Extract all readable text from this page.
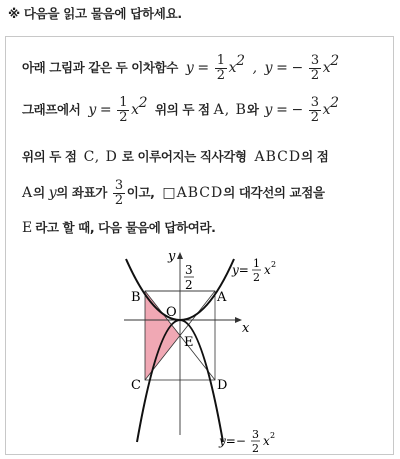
※ 다음을 읽고 물음에 답하세요.
아래 그림과 같은 두 이차함수 $y = \frac{1}{2} x^2$ , y = − $\frac{3}{2} x^2$
그래프에서 $y = \frac{1}{2} x^2$ 위의 두 점 A, B와 y = − $\frac{3}{2} x^2$
위의 두 점 C, D 로 이루어지는 직사각형 ABCD의 점
A의 y의 좌표가 $\frac{3}{2}$ 이고, □ABCD의 대각선의 교점을
E 라고 할 때, 다음 물음에 답하여라.
y
x
B	A
O
E
C	D
3
2
y= 1
2
x 2
y=− 3
2
x 2
